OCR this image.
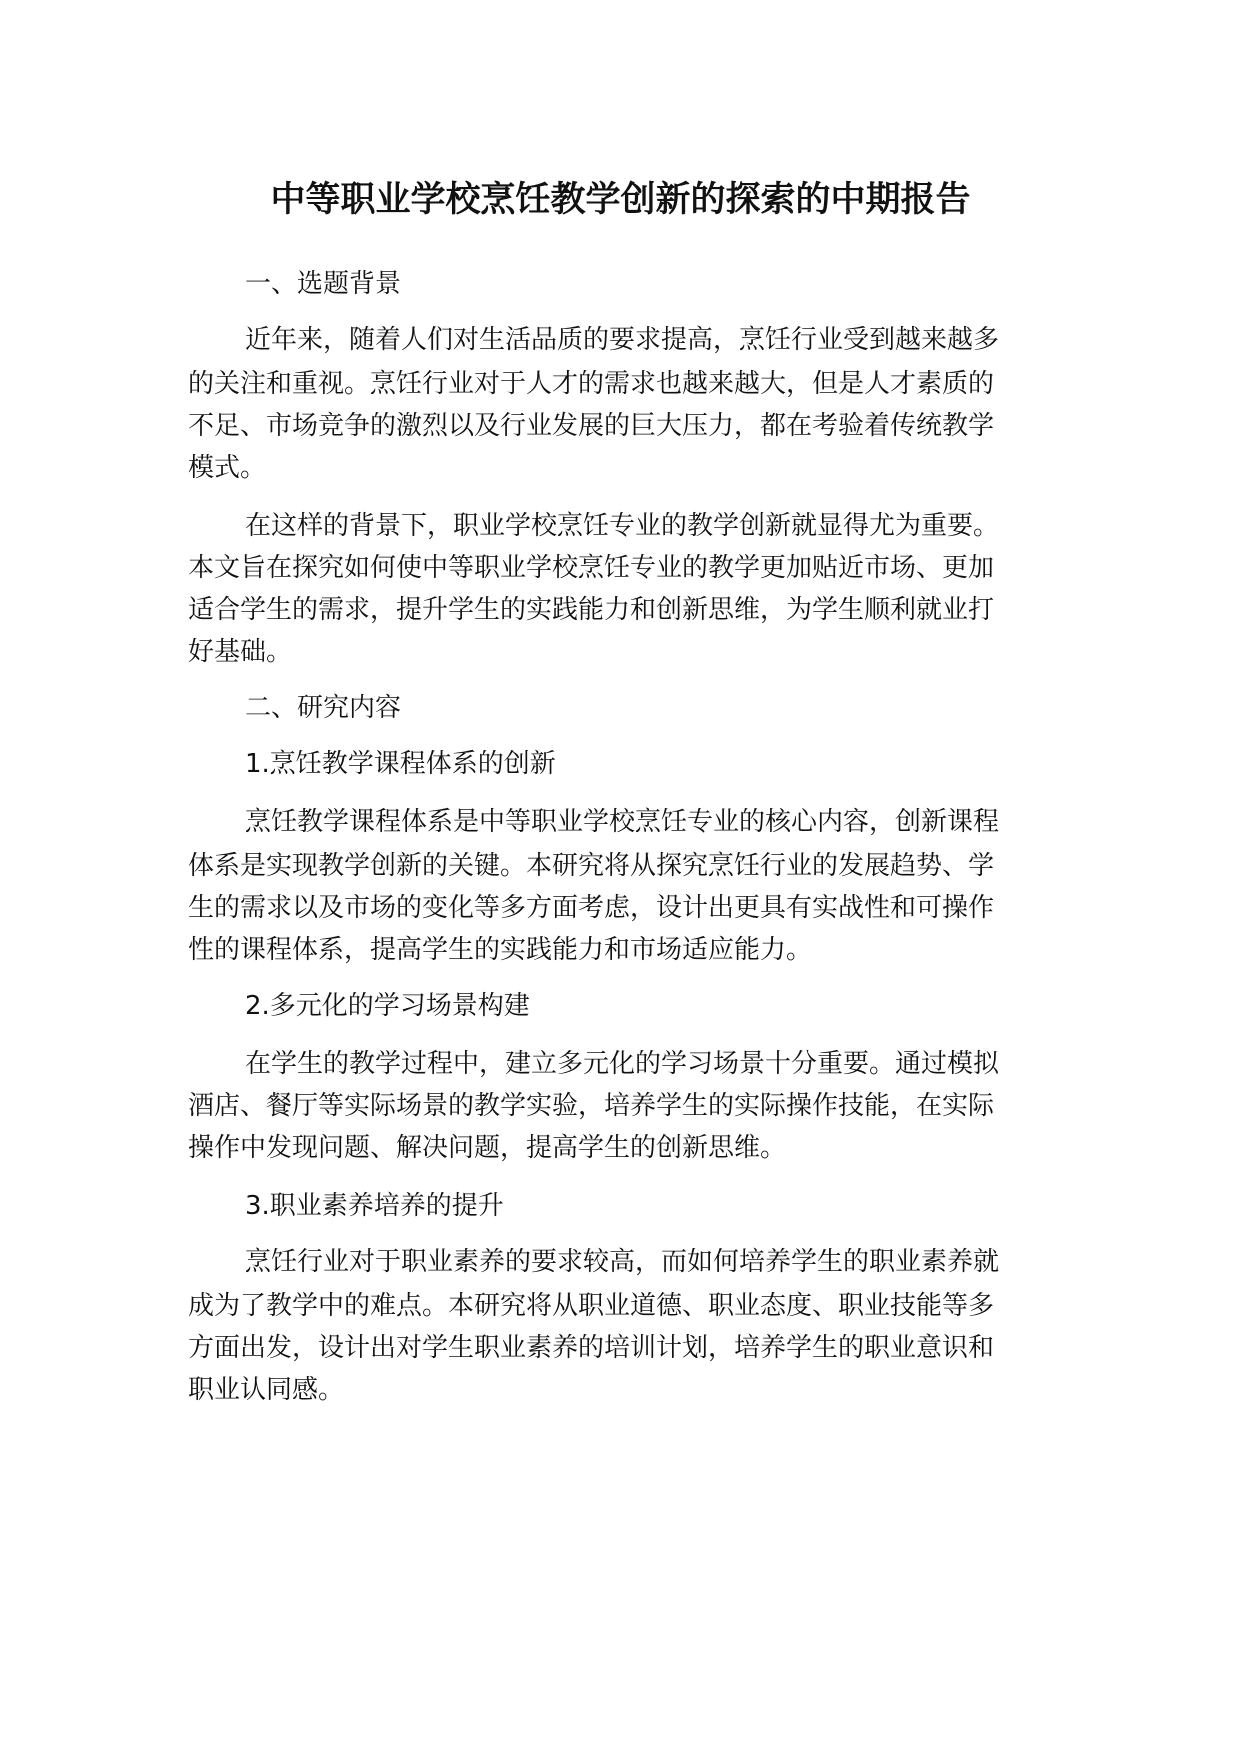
中等职业学校烹饪教学创新的探索的中期报告
一、选题背景
近年来，随着人们对生活品质的要求提高，烹饪行业受到越来越多
的关注和重视。烹饪行业对于人才的需求也越来越大，但是人才素质的
不足、市场竞争的激烈以及行业发展的巨大压力，都在考验着传统教学
模式。
在这样的背景下，职业学校烹饪专业的教学创新就显得尤为重要。
本文旨在探究如何使中等职业学校烹饪专业的教学更加贴近市场、更加
适合学生的需求，提升学生的实践能力和创新思维，为学生顺利就业打
好基础。
二、研究内容
1.烹饪教学课程体系的创新
烹饪教学课程体系是中等职业学校烹饪专业的核心内容，创新课程
体系是实现教学创新的关键。本研究将从探究烹饪行业的发展趋势、学
生的需求以及市场的变化等多方面考虑，设计出更具有实战性和可操作
性的课程体系，提高学生的实践能力和市场适应能力。
2.多元化的学习场景构建
在学生的教学过程中，建立多元化的学习场景十分重要。通过模拟
酒店、餐厅等实际场景的教学实验，培养学生的实际操作技能，在实际
操作中发现问题、解决问题，提高学生的创新思维。
3.职业素养培养的提升
烹饪行业对于职业素养的要求较高，而如何培养学生的职业素养就
成为了教学中的难点。本研究将从职业道德、职业态度、职业技能等多
方面出发，设计出对学生职业素养的培训计划，培养学生的职业意识和
职业认同感。
